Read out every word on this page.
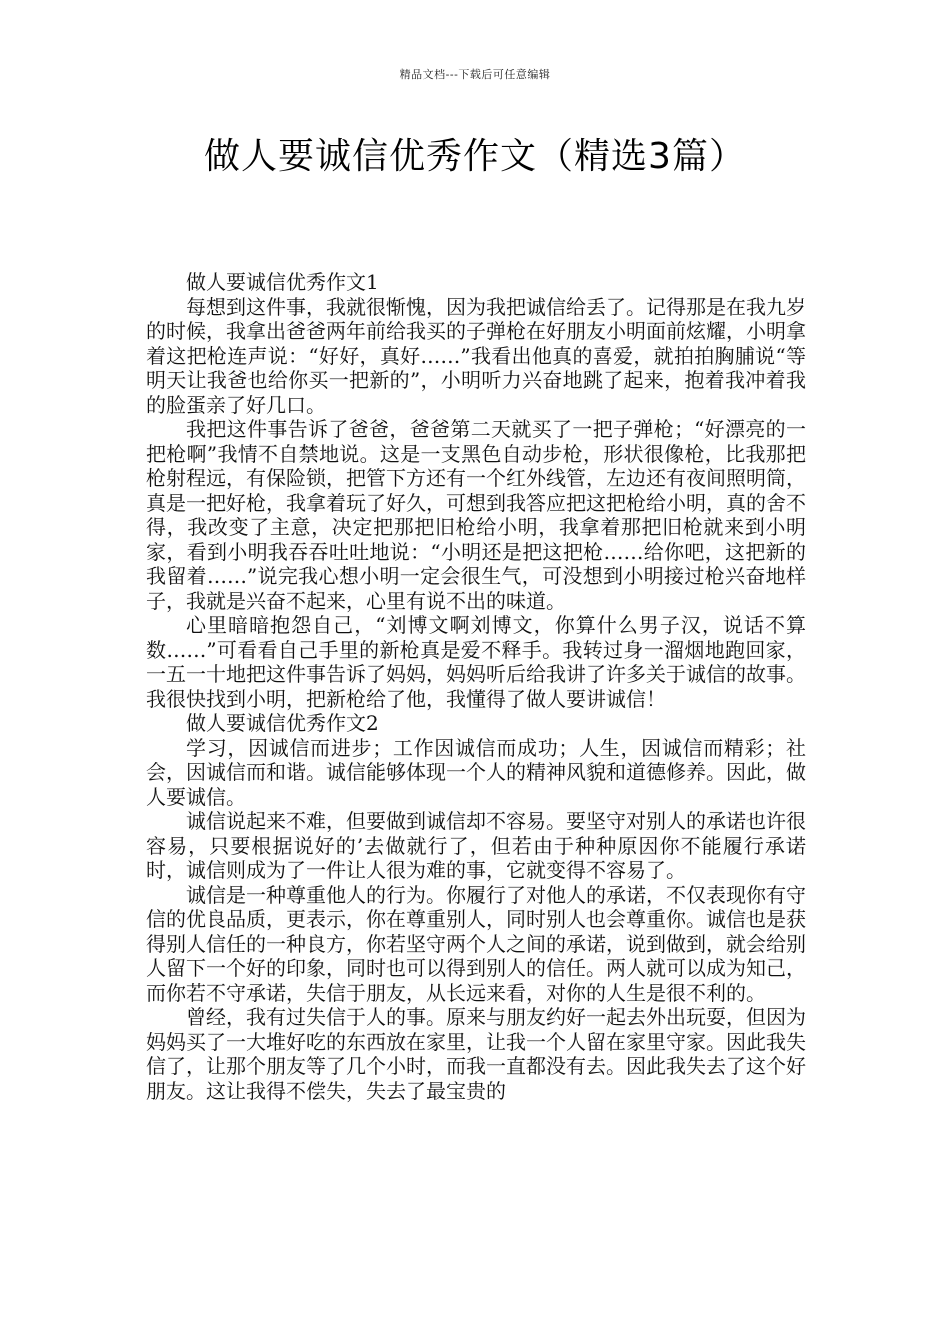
精品文档---下载后可任意编辑
做人要诚信优秀作文（精选3篇）

做人要诚信优秀作文1

每想到这件事，我就很惭愧，因为我把诚信给丢了。记得那是在我九岁的时候，我拿出爸爸两年前给我买的子弹枪在好朋友小明面前炫耀，小明拿着这把枪连声说：“好好，真好……”我看出他真的喜爱，就拍拍胸脯说“等明天让我爸也给你买一把新的”，小明听力兴奋地跳了起来，抱着我冲着我的脸蛋亲了好几口。

我把这件事告诉了爸爸，爸爸第二天就买了一把子弹枪；“好漂亮的一把枪啊”我情不自禁地说。这是一支黑色自动步枪，形状很像枪，比我那把枪射程远，有保险锁，把管下方还有一个红外线管，左边还有夜间照明筒，真是一把好枪，我拿着玩了好久，可想到我答应把这把枪给小明，真的舍不得，我改变了主意，决定把那把旧枪给小明，我拿着那把旧枪就来到小明家，看到小明我吞吞吐吐地说：“小明还是把这把枪……给你吧，这把新的我留着……”说完我心想小明一定会很生气，可没想到小明接过枪兴奋地样子，我就是兴奋不起来，心里有说不出的味道。

心里暗暗抱怨自己，“刘博文啊刘博文，你算什么男子汉，说话不算数……”可看看自己手里的新枪真是爱不释手。我转过身一溜烟地跑回家，一五一十地把这件事告诉了妈妈，妈妈听后给我讲了许多关于诚信的故事。我很快找到小明，把新枪给了他，我懂得了做人要讲诚信！

做人要诚信优秀作文2

学习，因诚信而进步；工作因诚信而成功；人生，因诚信而精彩；社会，因诚信而和谐。诚信能够体现一个人的精神风貌和道德修养。因此，做人要诚信。

诚信说起来不难，但要做到诚信却不容易。要坚守对别人的承诺也许很容易，只要根据说好的’去做就行了，但若由于种种原因你不能履行承诺时，诚信则成为了一件让人很为难的事，它就变得不容易了。

诚信是一种尊重他人的行为。你履行了对他人的承诺，不仅表现你有守信的优良品质，更表示，你在尊重别人，同时别人也会尊重你。诚信也是获得别人信任的一种良方，你若坚守两个人之间的承诺，说到做到，就会给别人留下一个好的印象，同时也可以得到别人的信任。两人就可以成为知己，而你若不守承诺，失信于朋友，从长远来看，对你的人生是很不利的。

曾经，我有过失信于人的事。原来与朋友约好一起去外出玩耍，但因为妈妈买了一大堆好吃的东西放在家里，让我一个人留在家里守家。因此我失信了，让那个朋友等了几个小时，而我一直都没有去。因此我失去了这个好朋友。这让我得不偿失，失去了最宝贵的
